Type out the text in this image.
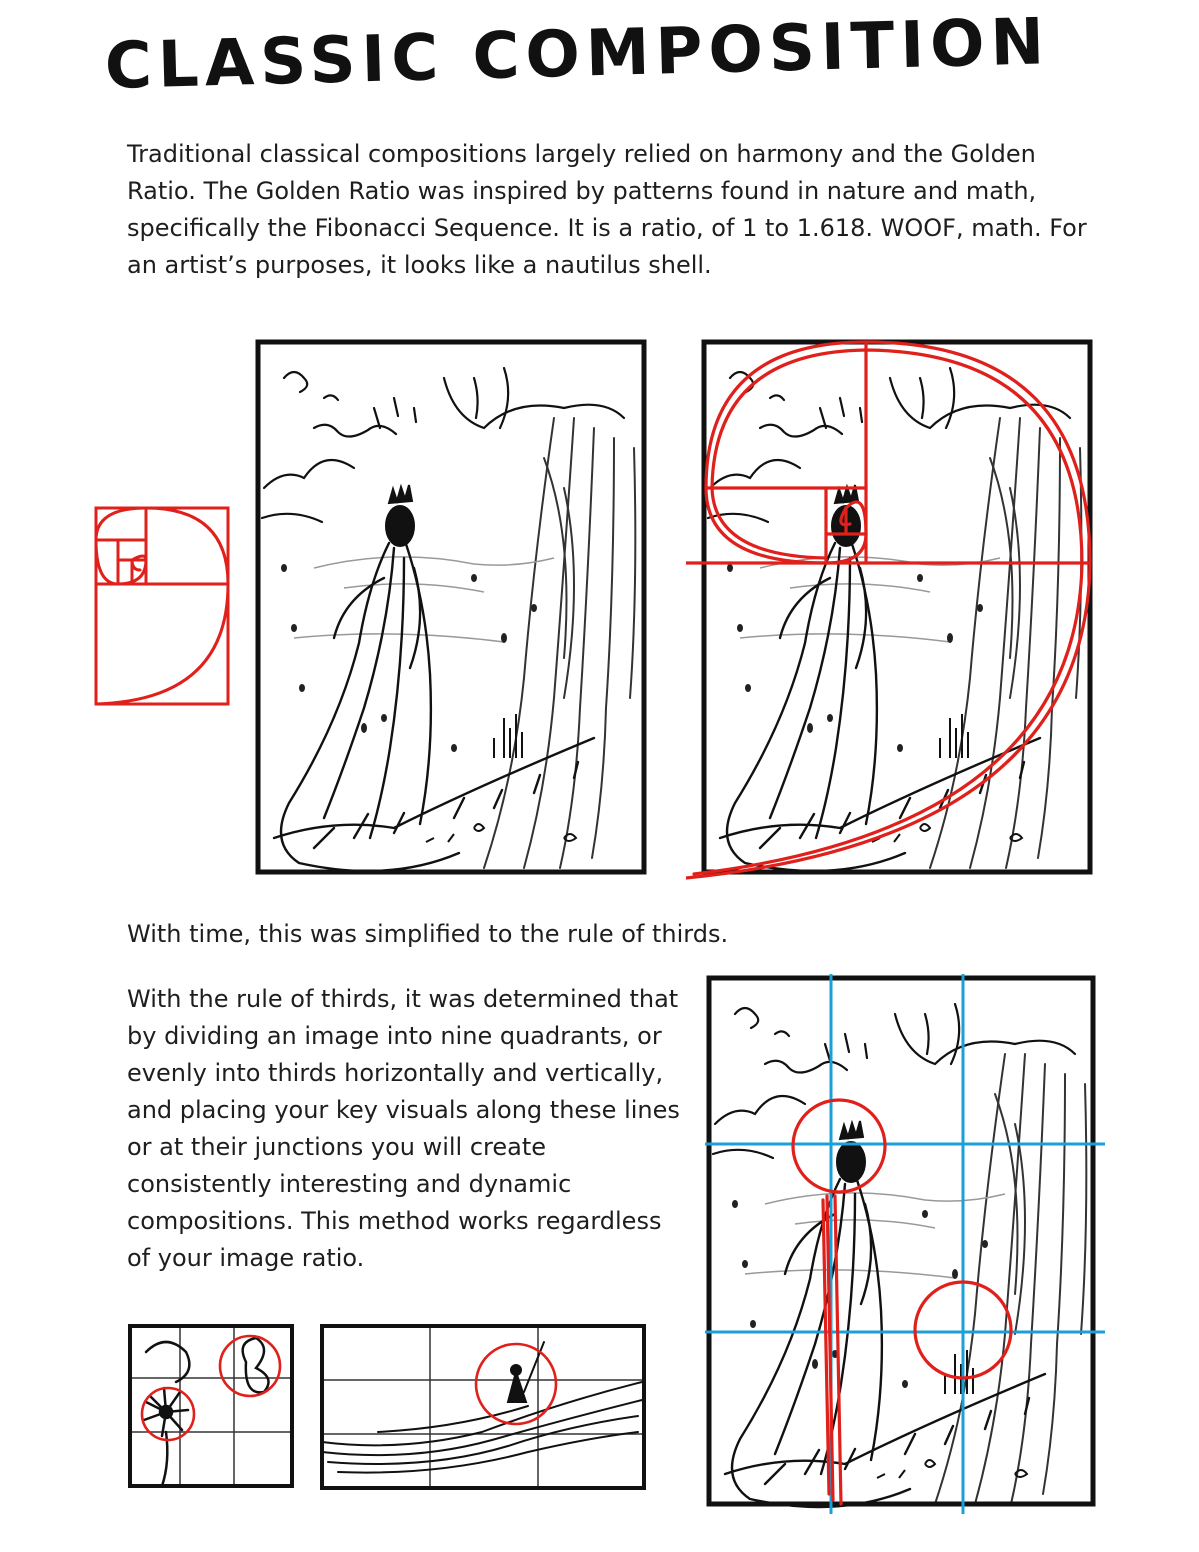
CLASSIC COMPOSITION

Traditional classical compositions largely relied on harmony and the Golden Ratio. The Golden Ratio was inspired by patterns found in nature and math, specifically the Fibonacci Sequence. It is a ratio, of 1 to 1.618. WOOF, math. For an artist’s purposes, it looks like a nautilus shell.

With time, this was simplified to the rule of thirds.

With the rule of thirds, it was determined that by dividing an image into nine quadrants, or evenly into thirds horizontally and vertically, and placing your key visuals along these lines or at their junctions you will create consistently interesting and dynamic compositions. This method works regardless of your image ratio.
